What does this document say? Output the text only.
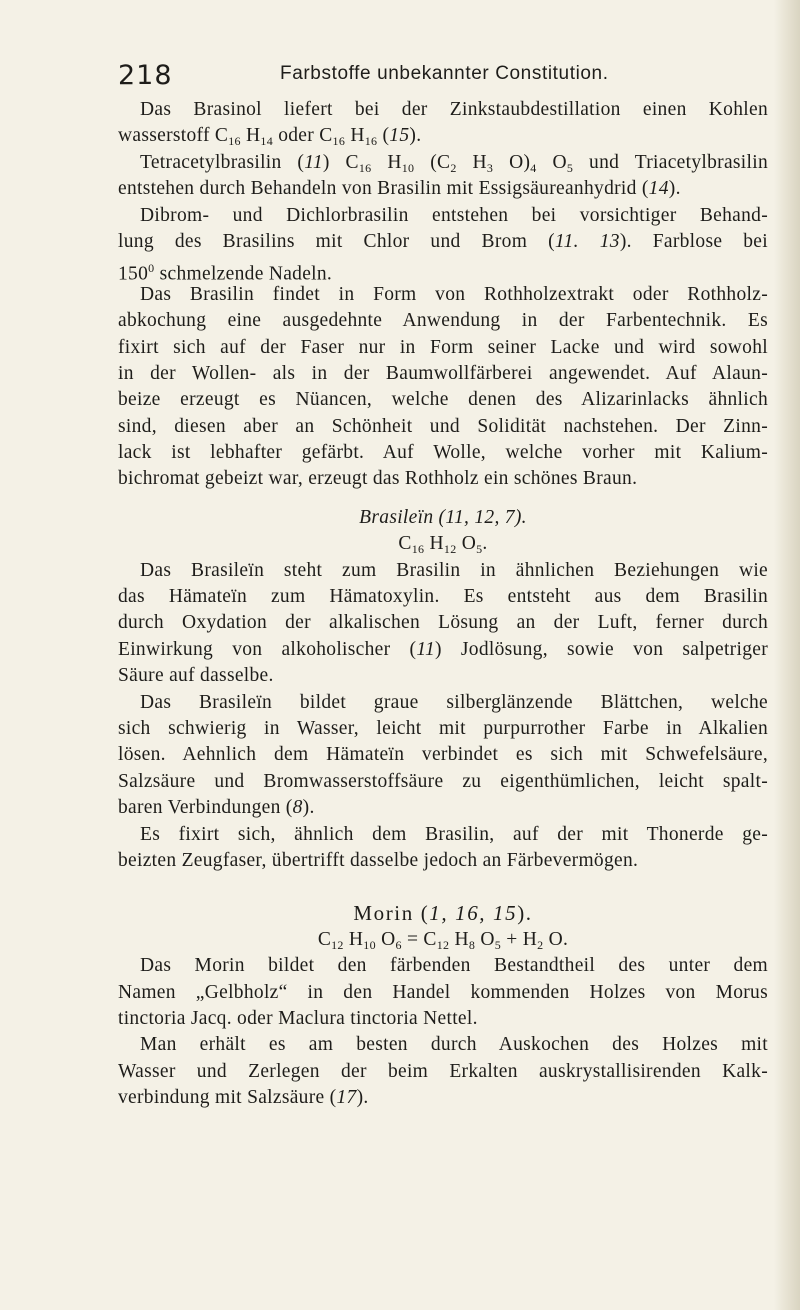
218	Farbstoffe unbekannter Constitution.
Das Brasinol liefert bei der Zinkstaubdestillation einen Kohlen
wasserstoff $C_{16}$ $H_{14}$ oder $C_{16}$ $H_{16}$ (15).
Tetracetylbrasilin (11) $C_{16}$ $H_{10}$ ($C_2$ $H_3$ $O)_4$ $O_5$ und Triacetylbrasilin
entstehen durch Behandeln von Brasilin mit Essigsäureanhydrid (14).
Dibrom- und Dichlorbrasilin entstehen bei vorsichtiger Behand-
lung des Brasilins mit Chlor und Brom (11. 13). Farblose bei
$150^0$ schmelzende Nadeln.
Das Brasilin findet in Form von Rothholzextrakt oder Rothholz-
abkochung eine ausgedehnte Anwendung in der Farbentechnik. Es
fixirt sich auf der Faser nur in Form seiner Lacke und wird sowohl
in der Wollen- als in der Baumwollfärberei angewendet. Auf Alaun-
beize erzeugt es Nüancen, welche denen des Alizarinlacks ähnlich
sind, diesen aber an Schönheit und Solidität nachstehen. Der Zinn-
lack ist lebhafter gefärbt. Auf Wolle, welche vorher mit Kalium-
bichromat gebeizt war, erzeugt das Rothholz ein schönes Braun.
Brasileïn (11, 12, 7).
$C_{16}$ $H_{12}$ $O_5$.
Das Brasileïn steht zum Brasilin in ähnlichen Beziehungen wie
das Hämateïn zum Hämatoxylin. Es entsteht aus dem Brasilin
durch Oxydation der alkalischen Lösung an der Luft, ferner durch
Einwirkung von alkoholischer (11) Jodlösung, sowie von salpetriger
Säure auf dasselbe.
Das Brasileïn bildet graue silberglänzende Blättchen, welche
sich schwierig in Wasser, leicht mit purpurrother Farbe in Alkalien
lösen. Aehnlich dem Hämateïn verbindet es sich mit Schwefelsäure,
Salzsäure und Bromwasserstoffsäure zu eigenthümlichen, leicht spalt-
baren Verbindungen (8).
Es fixirt sich, ähnlich dem Brasilin, auf der mit Thonerde ge-
beizten Zeugfaser, übertrifft dasselbe jedoch an Färbevermögen.
Morin (1, 16, 15).
$C_{12}$ $H_{10}$ $O_6 = C_{12}$ $H_8$ $O_5 + H_2$ O.
Das Morin bildet den färbenden Bestandtheil des unter dem
Namen „Gelbholz“ in den Handel kommenden Holzes von Morus
tinctoria Jacq. oder Maclura tinctoria Nettel.
Man erhält es am besten durch Auskochen des Holzes mit
Wasser und Zerlegen der beim Erkalten auskrystallisirenden Kalk-
verbindung mit Salzsäure (17).
